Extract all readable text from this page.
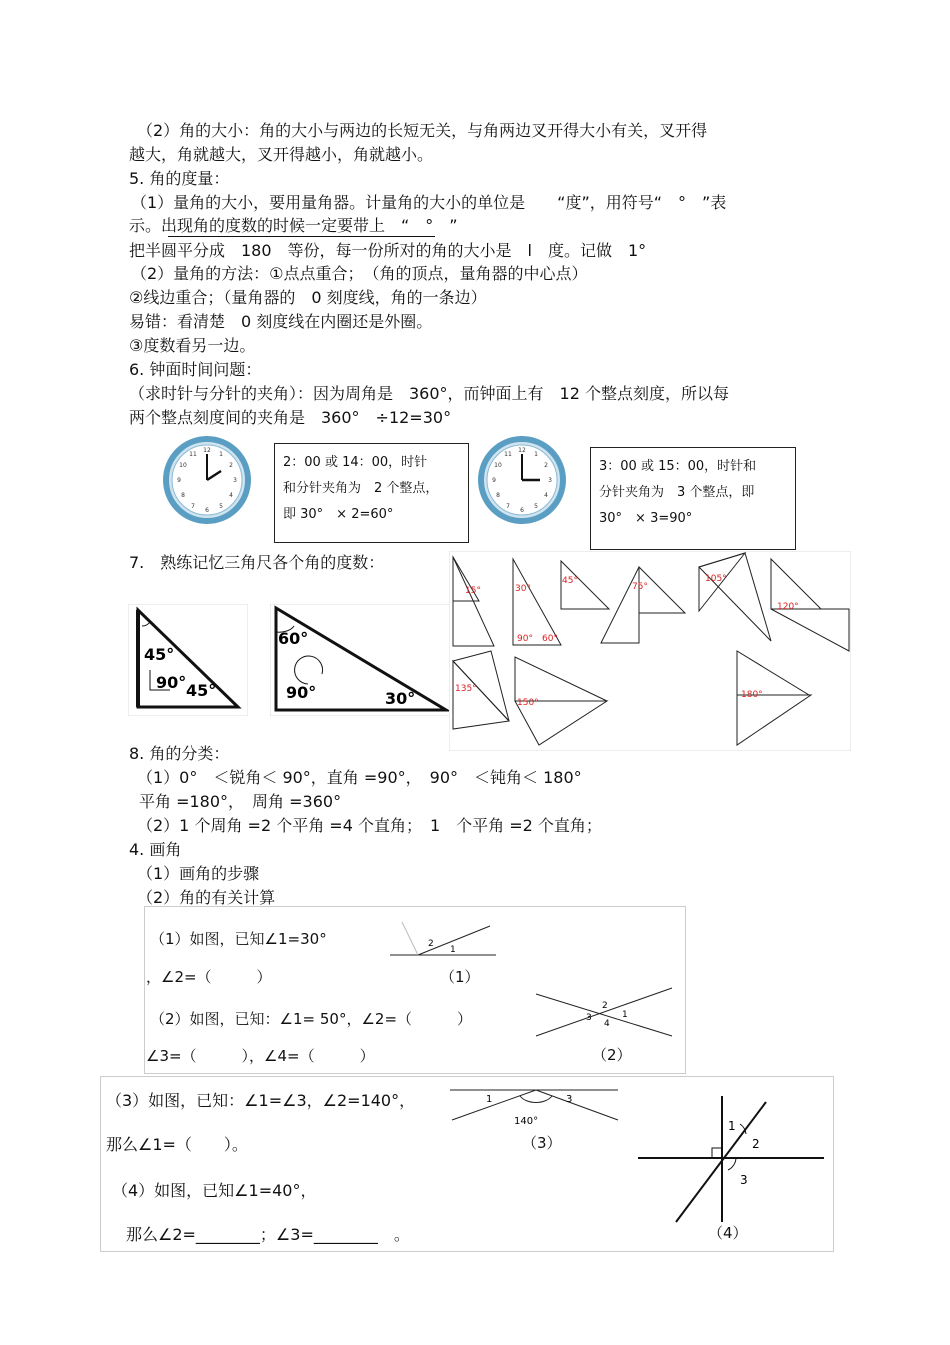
（2）角的大小：角的大小与两边的长短无关，与角两边叉开得大小有关，叉开得
越大，角就越大，叉开得越小，角就越小。
5. 角的度量：
（1）量角的大小，要用量角器。计量角的大小的单位是　　“度”，用符号“　°　”表
示。出现角的度数的时候一定要带上　“　°　”
把半圆平分成　180　等份，每一份所对的角的大小是　l　度。记做　1°
（2）量角的方法：①点点重合；　（角的顶点，量角器的中心点）
②线边重合；（量角器的　0 刻度线，角的一条边）
易错：看清楚　0 刻度线在内圈还是外圈。
③度数看另一边。
6. 钟面时间问题：
（求时针与分针的夹角）：因为周角是　360°，而钟面上有　12 个整点刻度，所以每
两个整点刻度间的夹角是　360°　÷12=30°
12
1
2
3
4
5
6
7
8
9
10
11
2：00 或 14：00，时针
和分针夹角为　2 个整点，
即 30°　× 2=60°
12
1
2
3
4
5
6
7
8
9
10
11
3：00 或 15：00，时针和
分针夹角为　3 个整点，即
30°　× 3=90°
7.　熟练记忆三角尺各个角的度数：
45°
90° 45°
60°
90°	30°
15°	30°
90° 60°
45°
75°
105°
120°
135°
150°
180°
8. 角的分类：
（1）0°　＜锐角＜ 90°，直角 =90°，　90°　＜钝角＜ 180°
平角 =180°，　周角 =360°
（2）1 个周角 =2 个平角 =4 个直角；　1　个平角 =2 个直角；
4. 画角
（1）画角的步骤
（2）角的有关计算
（1）如图，已知∠1=30°
，∠2=（　　　）
2
1
（1）
（2）如图，已知：∠1= 50°，∠2=（　　　）
∠3=（　　　），∠4=（　　　）
2
1
3
4
（2）
（3）如图，已知：∠1=∠3，∠2=140°，
那么∠1=（　　）。
1	3
140°
（3）
（4）如图，已知∠1=40°，
那么∠2=________；∠3=________　。
1
2
3
（4）
